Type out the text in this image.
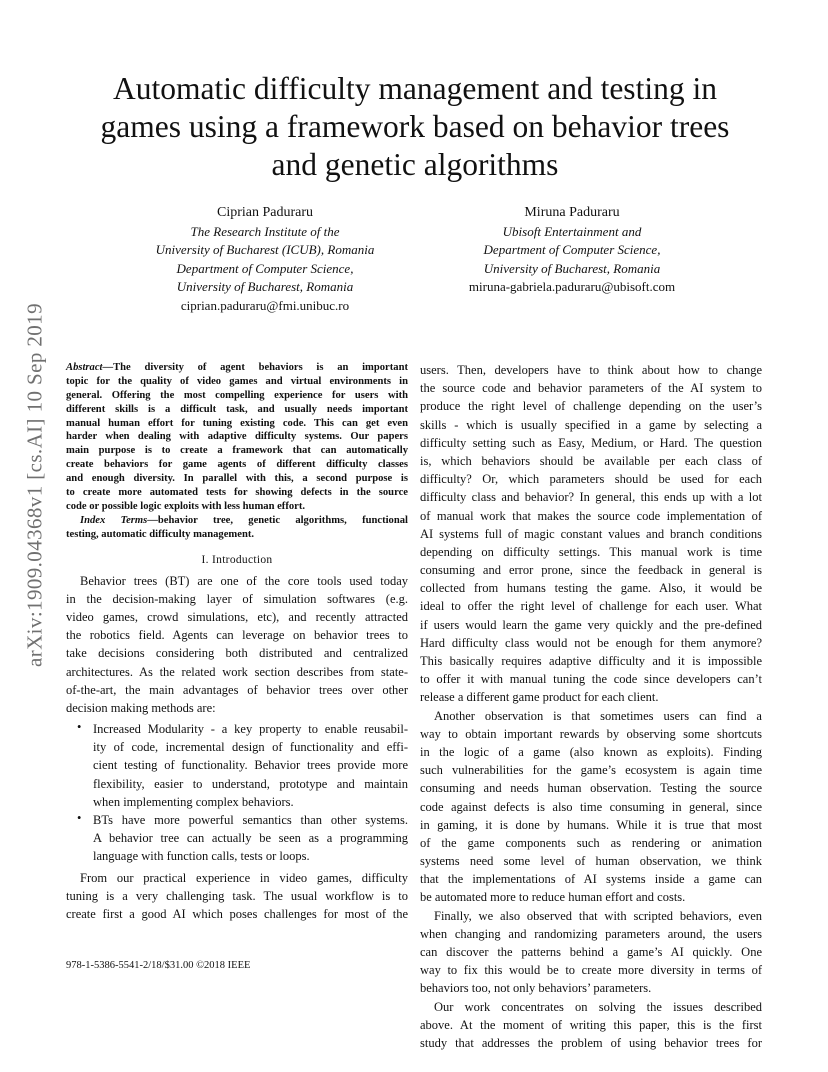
arXiv:1909.04368v1 [cs.AI] 10 Sep 2019
Automatic difficulty management and testing in
games using a framework based on behavior trees
and genetic algorithms
Ciprian Paduraru
The Research Institute of the
University of Bucharest (ICUB), Romania
Department of Computer Science,
University of Bucharest, Romania
ciprian.paduraru@fmi.unibuc.ro
Miruna Paduraru
Ubisoft Entertainment and
Department of Computer Science,
University of Bucharest, Romania
miruna-gabriela.paduraru@ubisoft.com
Abstract—The diversity of agent behaviors is an important
topic for the quality of video games and virtual environments in
general. Offering the most compelling experience for users with
different skills is a difficult task, and usually needs important
manual human effort for tuning existing code. This can get even
harder when dealing with adaptive difficulty systems. Our papers
main purpose is to create a framework that can automatically
create behaviors for game agents of different difficulty classes
and enough diversity. In parallel with this, a second purpose is
to create more automated tests for showing defects in the source
code or possible logic exploits with less human effort.
Index Terms—behavior tree, genetic algorithms, functional
testing, automatic difficulty management.
I. Introduction
Behavior trees (BT) are one of the core tools used today
in the decision-making layer of simulation softwares (e.g.
video games, crowd simulations, etc), and recently attracted
the robotics field. Agents can leverage on behavior trees to
take decisions considering both distributed and centralized
architectures. As the related work section describes from state-
of-the-art, the main advantages of behavior trees over other
decision making methods are:
• Increased Modularity - a key property to enable reusabil-
ity of code, incremental design of functionality and effi-
cient testing of functionality. Behavior trees provide more
flexibility, easier to understand, prototype and maintain
when implementing complex behaviors.
• BTs have more powerful semantics than other systems.
A behavior tree can actually be seen as a programming
language with function calls, tests or loops.
From our practical experience in video games, difficulty
tuning is a very challenging task. The usual workflow is to
create first a good AI which poses challenges for most of the
978-1-5386-5541-2/18/$31.00 ©2018 IEEE
users. Then, developers have to think about how to change
the source code and behavior parameters of the AI system to
produce the right level of challenge depending on the user’s
skills - which is usually specified in a game by selecting a
difficulty setting such as Easy, Medium, or Hard. The question
is, which behaviors should be available per each class of
difficulty? Or, which parameters should be used for each
difficulty class and behavior? In general, this ends up with a lot
of manual work that makes the source code implementation of
AI systems full of magic constant values and branch conditions
depending on difficulty settings. This manual work is time
consuming and error prone, since the feedback in general is
collected from humans testing the game. Also, it would be
ideal to offer the right level of challenge for each user. What
if users would learn the game very quickly and the pre-defined
Hard difficulty class would not be enough for them anymore?
This basically requires adaptive difficulty and it is impossible
to offer it with manual tuning the code since developers can’t
release a different game product for each client.
Another observation is that sometimes users can find a
way to obtain important rewards by observing some shortcuts
in the logic of a game (also known as exploits). Finding
such vulnerabilities for the game’s ecosystem is again time
consuming and needs human observation. Testing the source
code against defects is also time consuming in general, since
in gaming, it is done by humans. While it is true that most
of the game components such as rendering or animation
systems need some level of human observation, we think
that the implementations of AI systems inside a game can
be automated more to reduce human effort and costs.
Finally, we also observed that with scripted behaviors, even
when changing and randomizing parameters around, the users
can discover the patterns behind a game’s AI quickly. One
way to fix this would be to create more diversity in terms of
behaviors too, not only behaviors’ parameters.
Our work concentrates on solving the issues described
above. At the moment of writing this paper, this is the first
study that addresses the problem of using behavior trees for
